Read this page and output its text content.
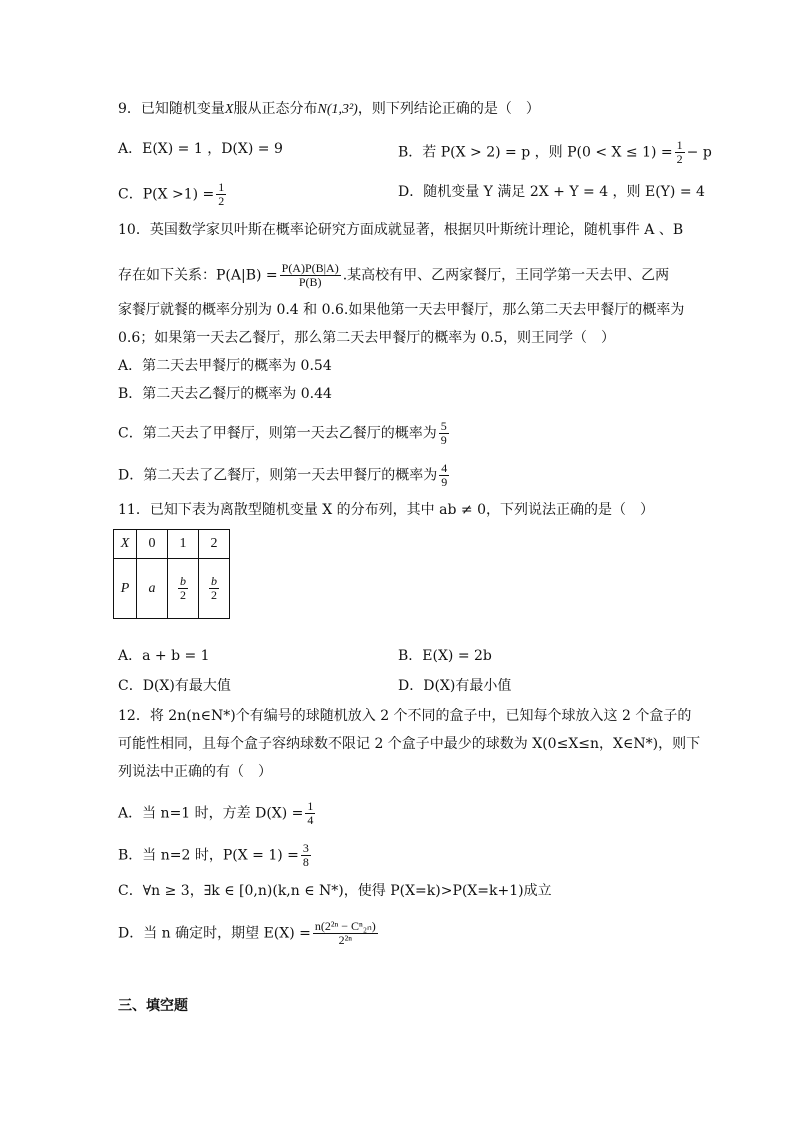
9．已知随机变量X服从正态分布N(1,3²)，则下列结论正确的是（　）
A．E(X) = 1 ，D(X) = 9	B．若 P(X > 2) = p ，则 $P(0 < X \le 1) = \frac{1}{2} - p$
C．$P(X >1) = \frac{1}{2}$	D．随机变量 Y 满足 2X + Y = 4 ，则 E(Y) = 4
10．英国数学家贝叶斯在概率论研究方面成就显著，根据贝叶斯统计理论，随机事件 A 、B
存在如下关系：$P(A|B) = \frac{P(A)P(B|A)}{P(B)}$ .某高校有甲、乙两家餐厅，王同学第一天去甲、乙两
家餐厅就餐的概率分别为 0.4 和 0.6.如果他第一天去甲餐厅，那么第二天去甲餐厅的概率为
0.6；如果第一天去乙餐厅，那么第二天去甲餐厅的概率为 0.5，则王同学（　）
A．第二天去甲餐厅的概率为 0.54
B．第二天去乙餐厅的概率为 0.44
C．第二天去了甲餐厅，则第一天去乙餐厅的概率为 $\frac{5}{9}$
D．第二天去了乙餐厅，则第一天去甲餐厅的概率为 $\frac{4}{9}$
11．已知下表为离散型随机变量 X 的分布列，其中 ab ≠ 0，下列说法正确的是（　）
X	0	1	2
P	a	$\frac{b}{2}$	$\frac{b}{2}$
A．a + b = 1	B．E(X) = 2b
C．D(X)有最大值	D．D(X)有最小值
12．将 2n(n∈N*)个有编号的球随机放入 2 个不同的盒子中，已知每个球放入这 2 个盒子的
可能性相同，且每个盒子容纳球数不限记 2 个盒子中最少的球数为 X(0≤X≤n，X∈N*)，则下
列说法中正确的有（　）
A．当 n=1 时，方差 $D(X) = \frac{1}{4}$
B．当 n=2 时，$P(X = 1) = \frac{3}{8}$
C．∀n ≥ 3，∃k ∈ [0,n)(k,n ∈ N*)，使得 P(X=k)>P(X=k+1)成立
D．当 n 确定时，期望 $E(X) = \frac{\text{n(2²ⁿ − Cⁿ₂ₙ)}}{\text{2²ⁿ}}$
三、填空题
